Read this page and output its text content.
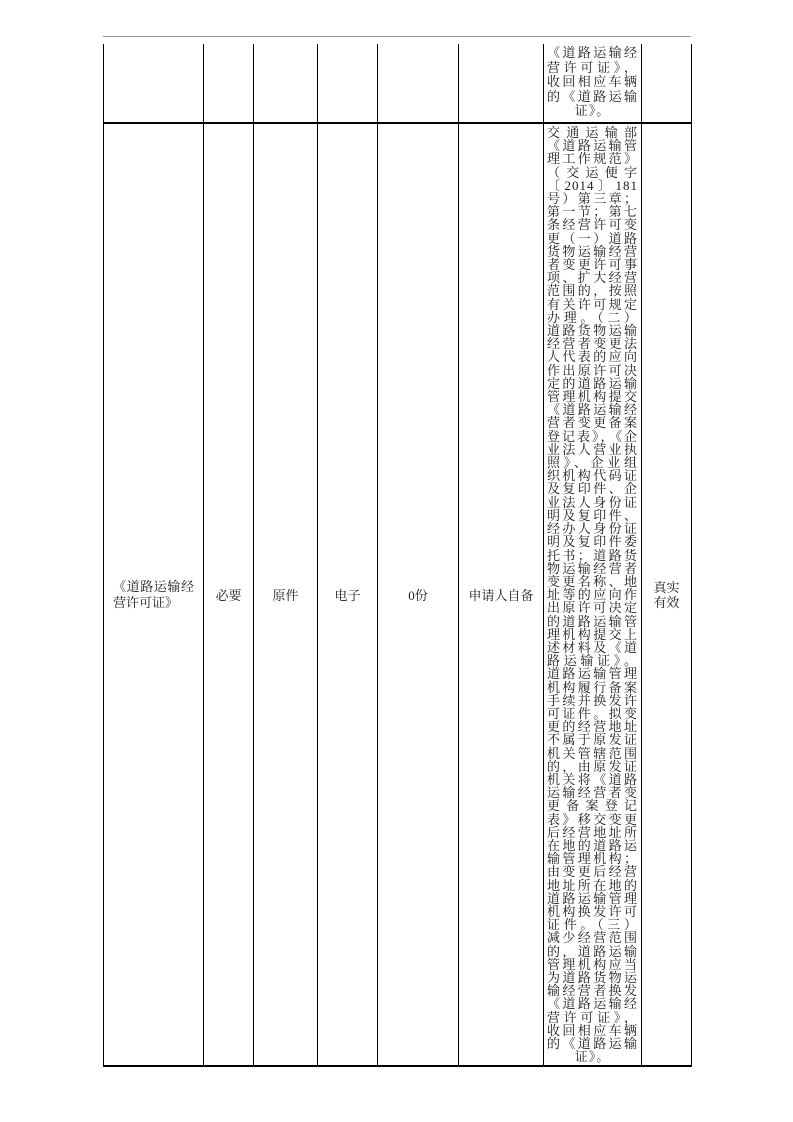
						《道路运输经营许可证》，收回相应车辆的《道路运输证》。	
《道路运输经营许可证》	必要	原件	电子	0份	申请人自备	交通运输部《道路运输管理工作规范》（交运便字〔2014〕181号）第三章；第一节；第七条经营许可变更（一）道路货物运输经营者变更许可事项、扩大经营范围的，按照有关许可规定办理。（二）道路货物运输经营者变更法人代表的应向作出原许可决定的道路运输管理机构提交《道路运输经营者变更备案登记表》，《企业法人营业执照》、企业组织机构代码证及复印件、企业法人身份证明及复印件、经办人身份证明及复印件委托书；道路货物运输经营者变更名称、地址等的应向作出原许可决定的道路运输管理机构提交上述材料及《道路运输证》。道路运输管理机构履行备案手续并换发许可证件。拟变更的经营地址不属于原发证机关管辖范围的，由原发证机关将《道路运输经营者变更备案登记表》移交变更后经营地址所在地的道路运输管理机构；由变更后经营地址所在地的道路运输管理机构换发许可证件。（三）减少经营范围的，道路运输管理机构应当为道路货物运输经营者换发《道路运输经营许可证》，收回相应车辆的《道路运输证》。	真实有效
